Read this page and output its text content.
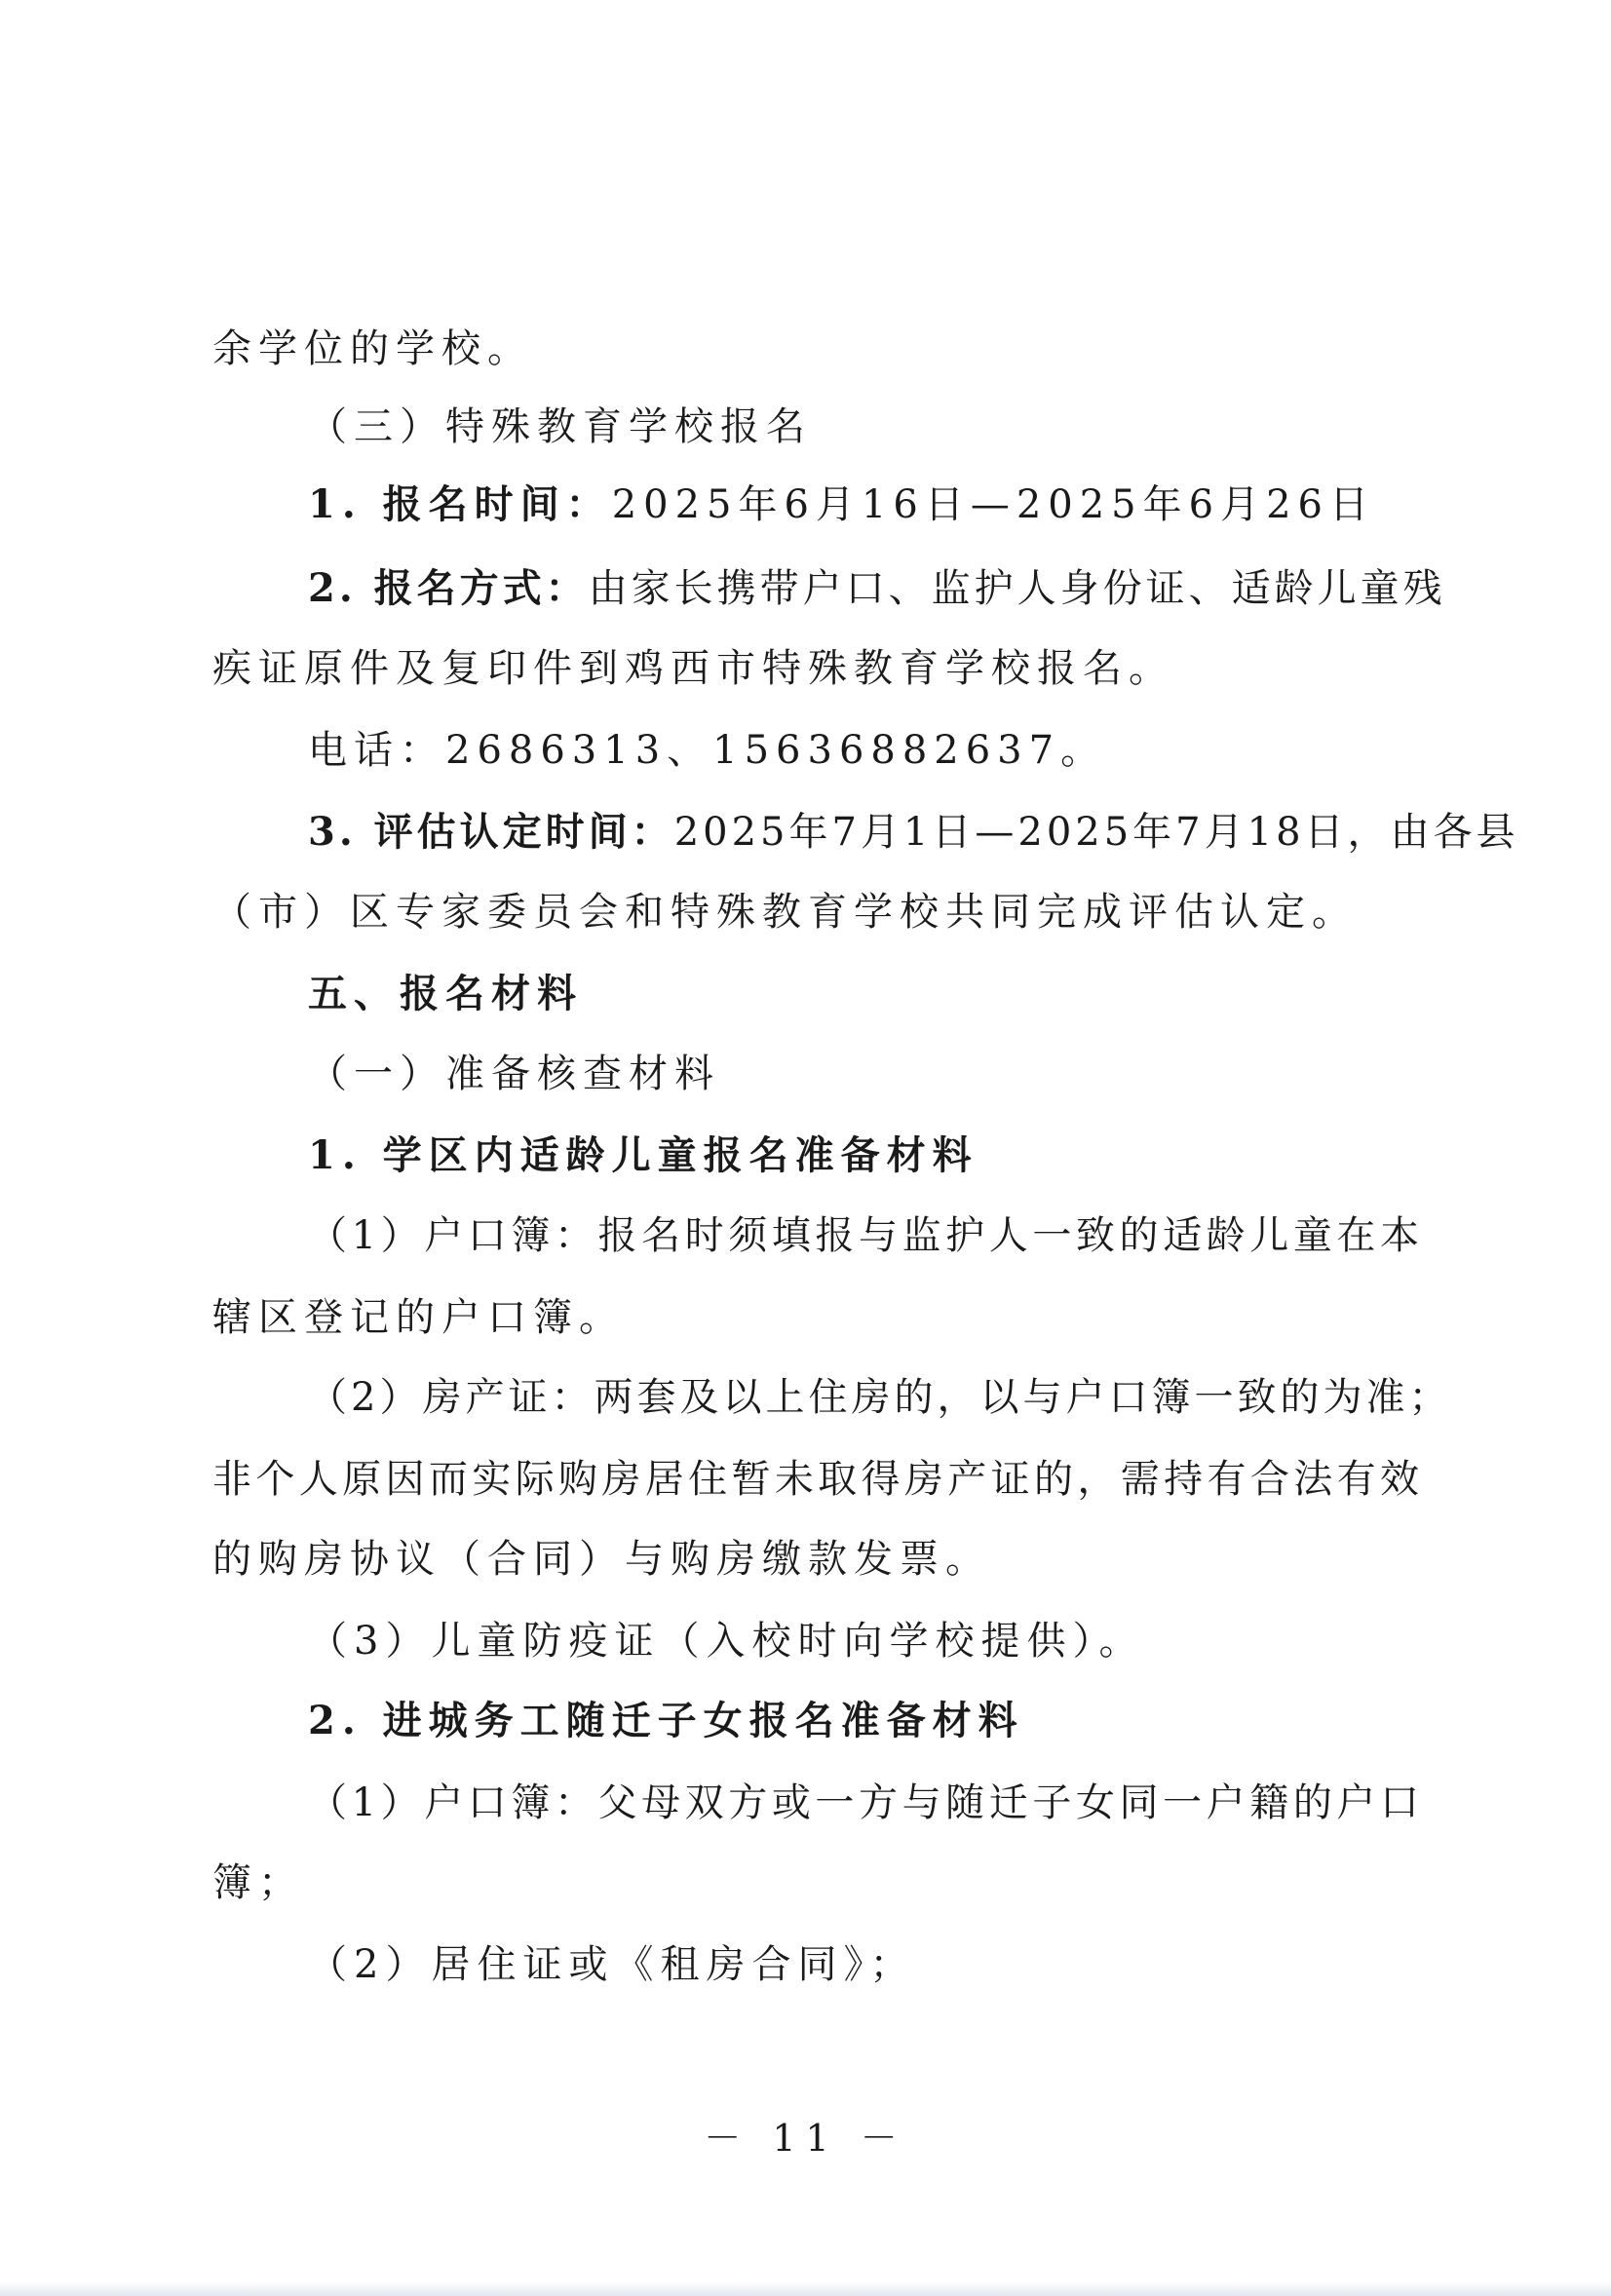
余学位的学校。
（三）特殊教育学校报名
1. 报名时间：2025年6月16日—2025年6月26日
2. 报名方式：由家长携带户口、监护人身份证、适龄儿童残
疾证原件及复印件到鸡西市特殊教育学校报名。
电话：2686313、15636882637。
3. 评估认定时间：2025年7月1日—2025年7月18日，由各县
（市）区专家委员会和特殊教育学校共同完成评估认定。
五、报名材料
（一）准备核查材料
1. 学区内适龄儿童报名准备材料
（1）户口簿：报名时须填报与监护人一致的适龄儿童在本
辖区登记的户口簿。
（2）房产证：两套及以上住房的，以与户口簿一致的为准；
非个人原因而实际购房居住暂未取得房产证的，需持有合法有效
的购房协议（合同）与购房缴款发票。
（3）儿童防疫证（入校时向学校提供）。
2. 进城务工随迁子女报名准备材料
（1）户口簿：父母双方或一方与随迁子女同一户籍的户口
簿；
（2）居住证或《租房合同》；
－ 11 －
